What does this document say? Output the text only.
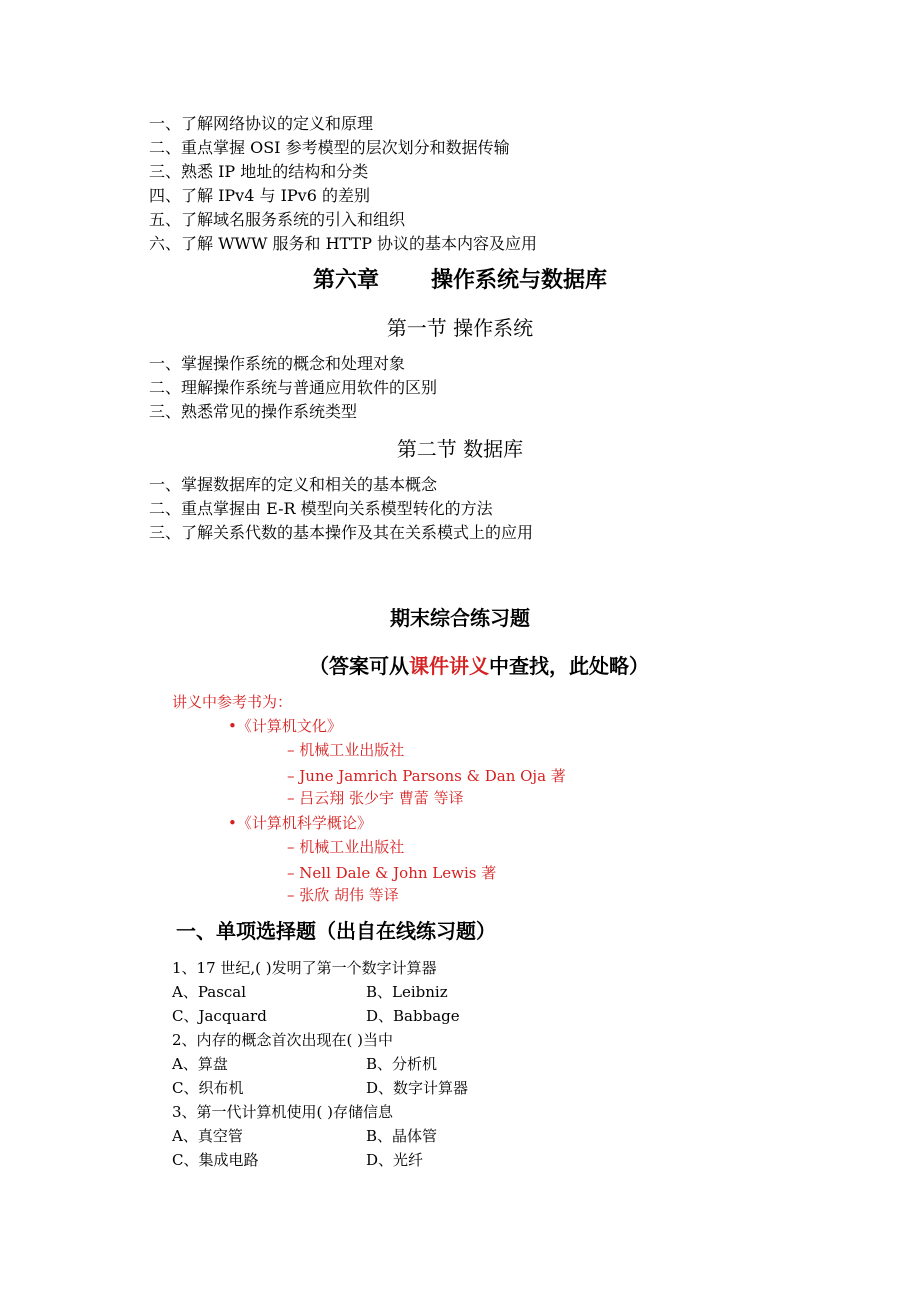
一、了解网络协议的定义和原理
二、重点掌握 OSI 参考模型的层次划分和数据传输
三、熟悉 IP 地址的结构和分类
四、了解 IPv4 与 IPv6 的差别
五、了解域名服务系统的引入和组织
六、了解 WWW 服务和 HTTP 协议的基本内容及应用
第六章 操作系统与数据库
第一节 操作系统
一、掌握操作系统的概念和处理对象
二、理解操作系统与普通应用软件的区别
三、熟悉常见的操作系统类型
第二节 数据库
一、掌握数据库的定义和相关的基本概念
二、重点掌握由 E-R 模型向关系模型转化的方法
三、了解关系代数的基本操作及其在关系模式上的应用
期末综合练习题
（答案可从课件讲义中查找，此处略）
讲义中参考书为：
•《计算机文化》
– 机械工业出版社
– June Jamrich Parsons & Dan Oja 著
– 吕云翔 张少宇 曹蕾 等译
•《计算机科学概论》
– 机械工业出版社
– Nell Dale & John Lewis 著
– 张欣 胡伟 等译
一、单项选择题（出自在线练习题）
1、17 世纪,( )发明了第一个数字计算器
A、Pascal	B、Leibniz
C、Jacquard	D、Babbage
2、内存的概念首次出现在( )当中
A、算盘	B、分析机
C、织布机	D、数字计算器
3、第一代计算机使用( )存储信息
A、真空管	B、晶体管
C、集成电路	D、光纤
